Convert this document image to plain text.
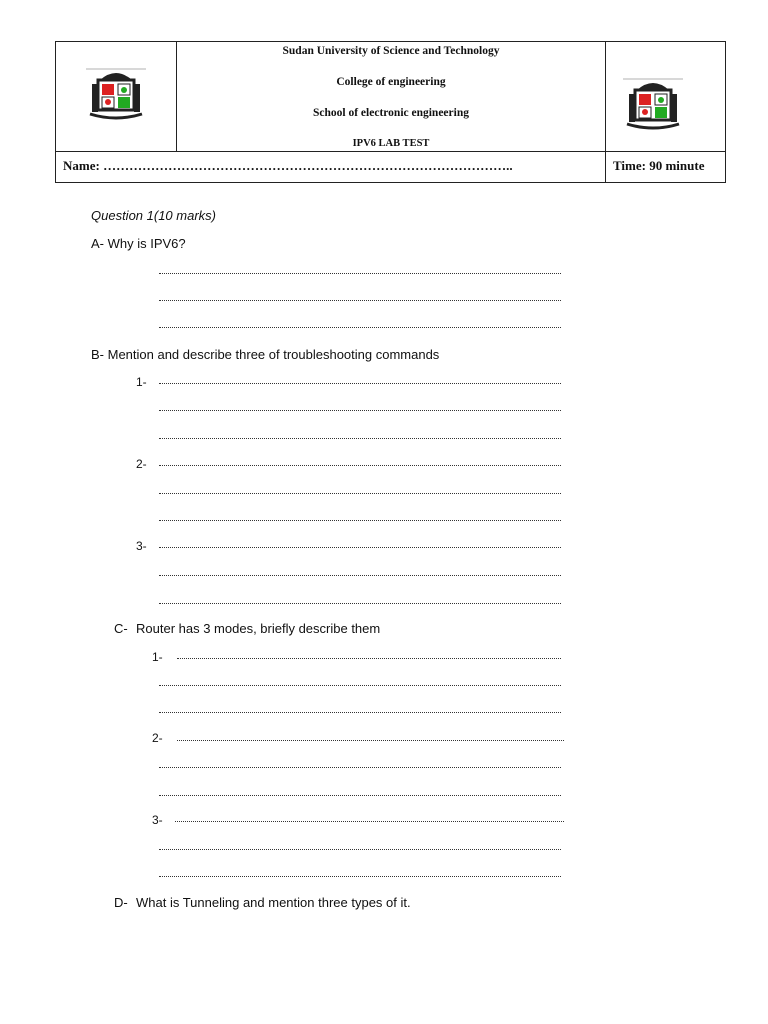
Sudan University of Science and Technology
College of engineering
School of electronic engineering
IPV6 LAB TEST
Name: …………………………………………………………………………………..	Time: 90 minute
Question 1(10 marks)
A- Why is IPV6?
B- Mention and describe three of troubleshooting commands
1-
2-
3-
C- Router has 3 modes, briefly describe them
1-
2-
3-
D- What is Tunneling and mention three types of it.
